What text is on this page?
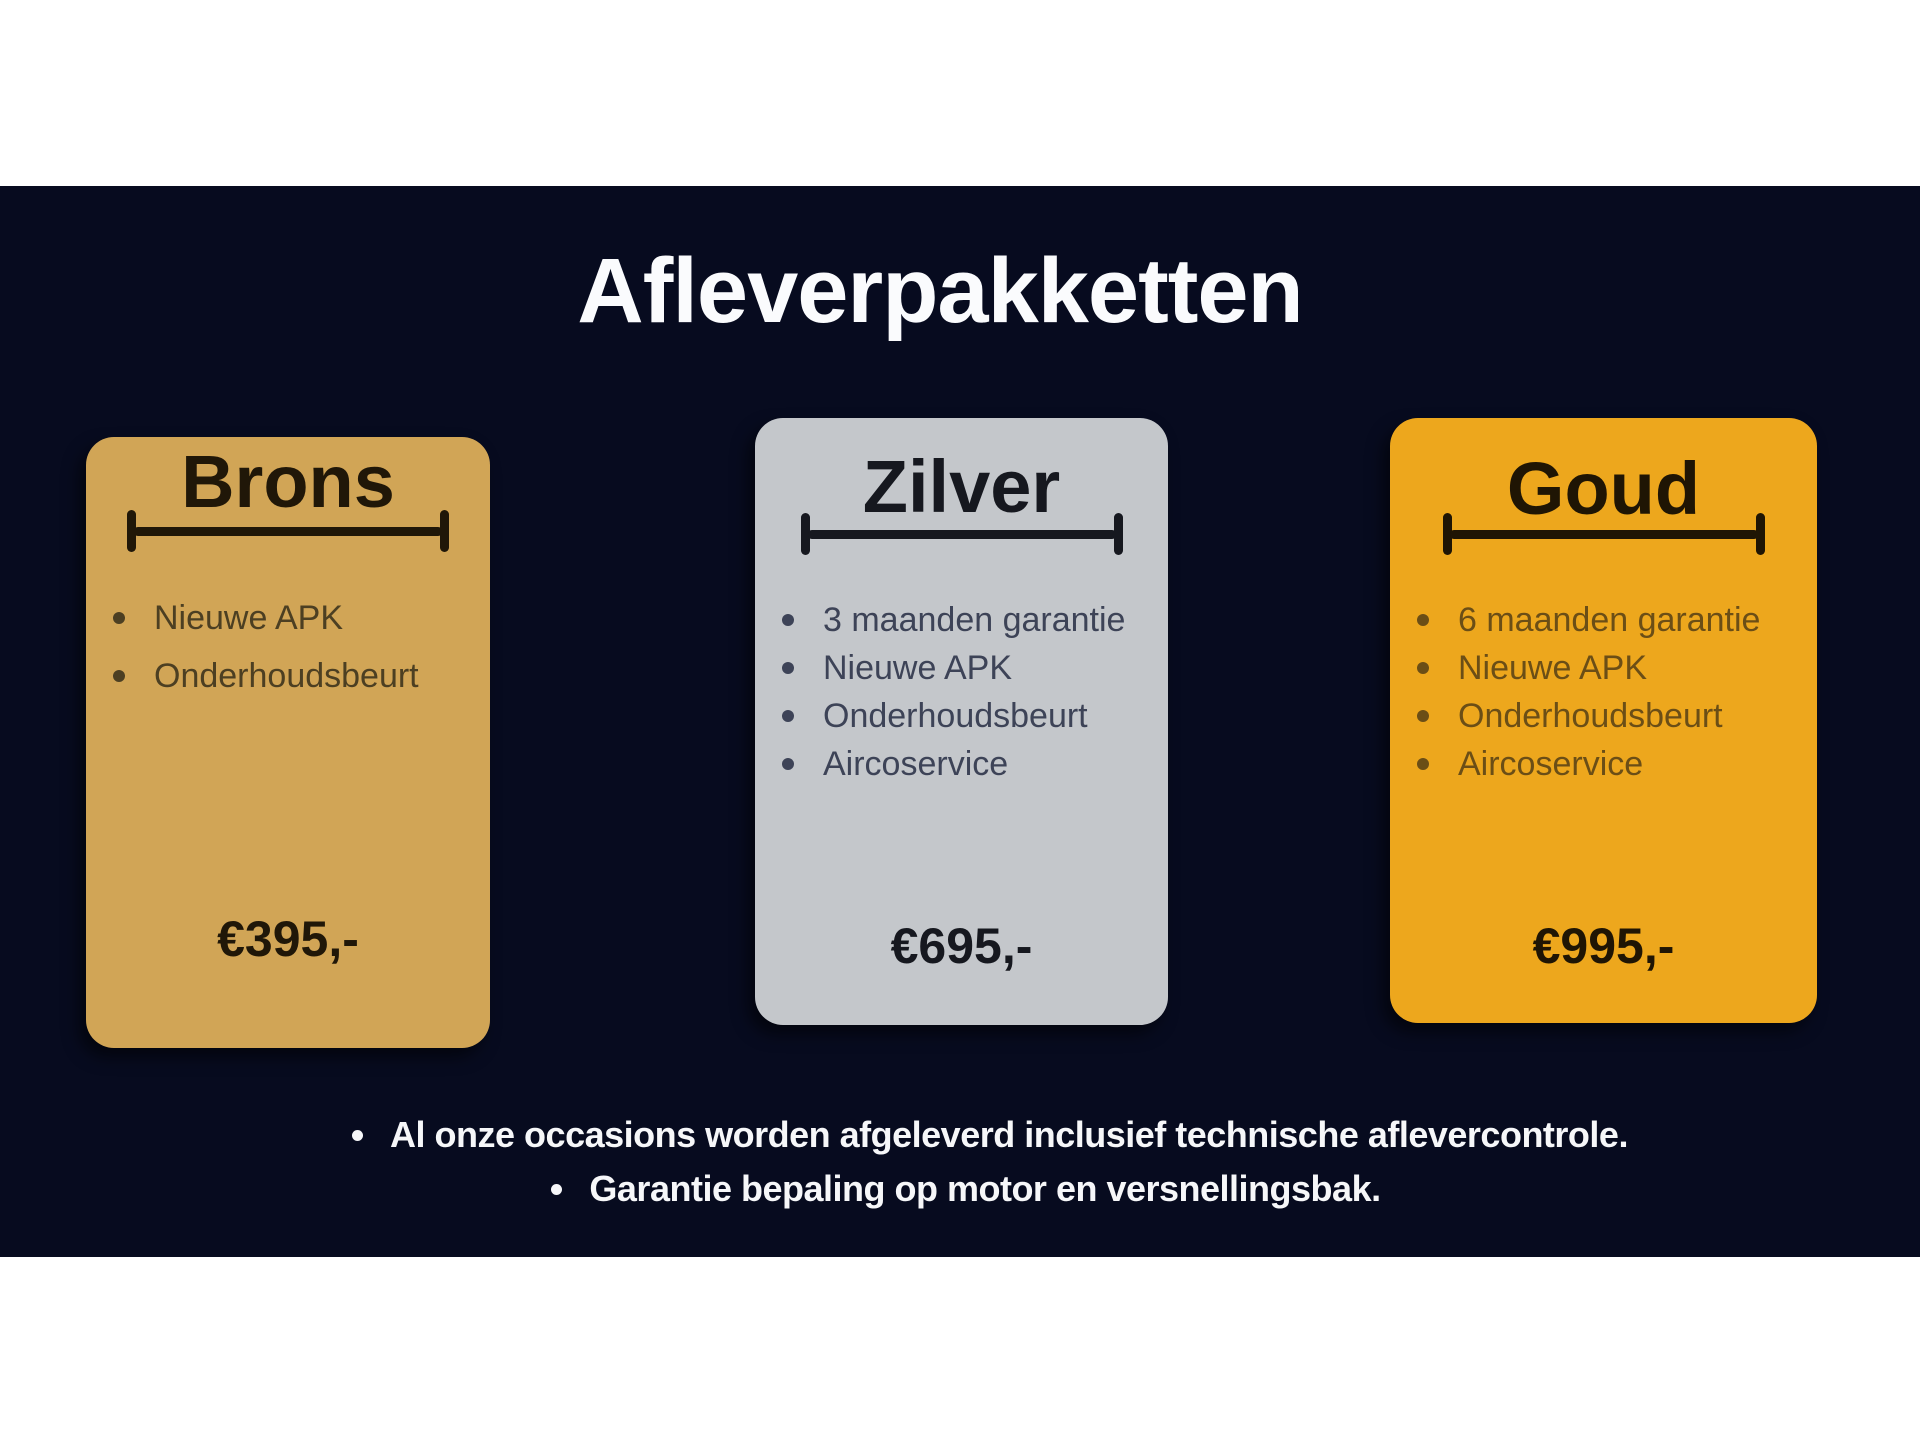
Afleverpakketten
Brons
Nieuwe APK
Onderhoudsbeurt

€395,-

Zilver
3 maanden garantie
Nieuwe APK
Onderhoudsbeurt
Aircoservice

€695,-

Goud
6 maanden garantie
Nieuwe APK
Onderhoudsbeurt
Aircoservice

€995,-

Al onze occasions worden afgeleverd inclusief technische aflevercontrole.
Garantie bepaling op motor en versnellingsbak.
